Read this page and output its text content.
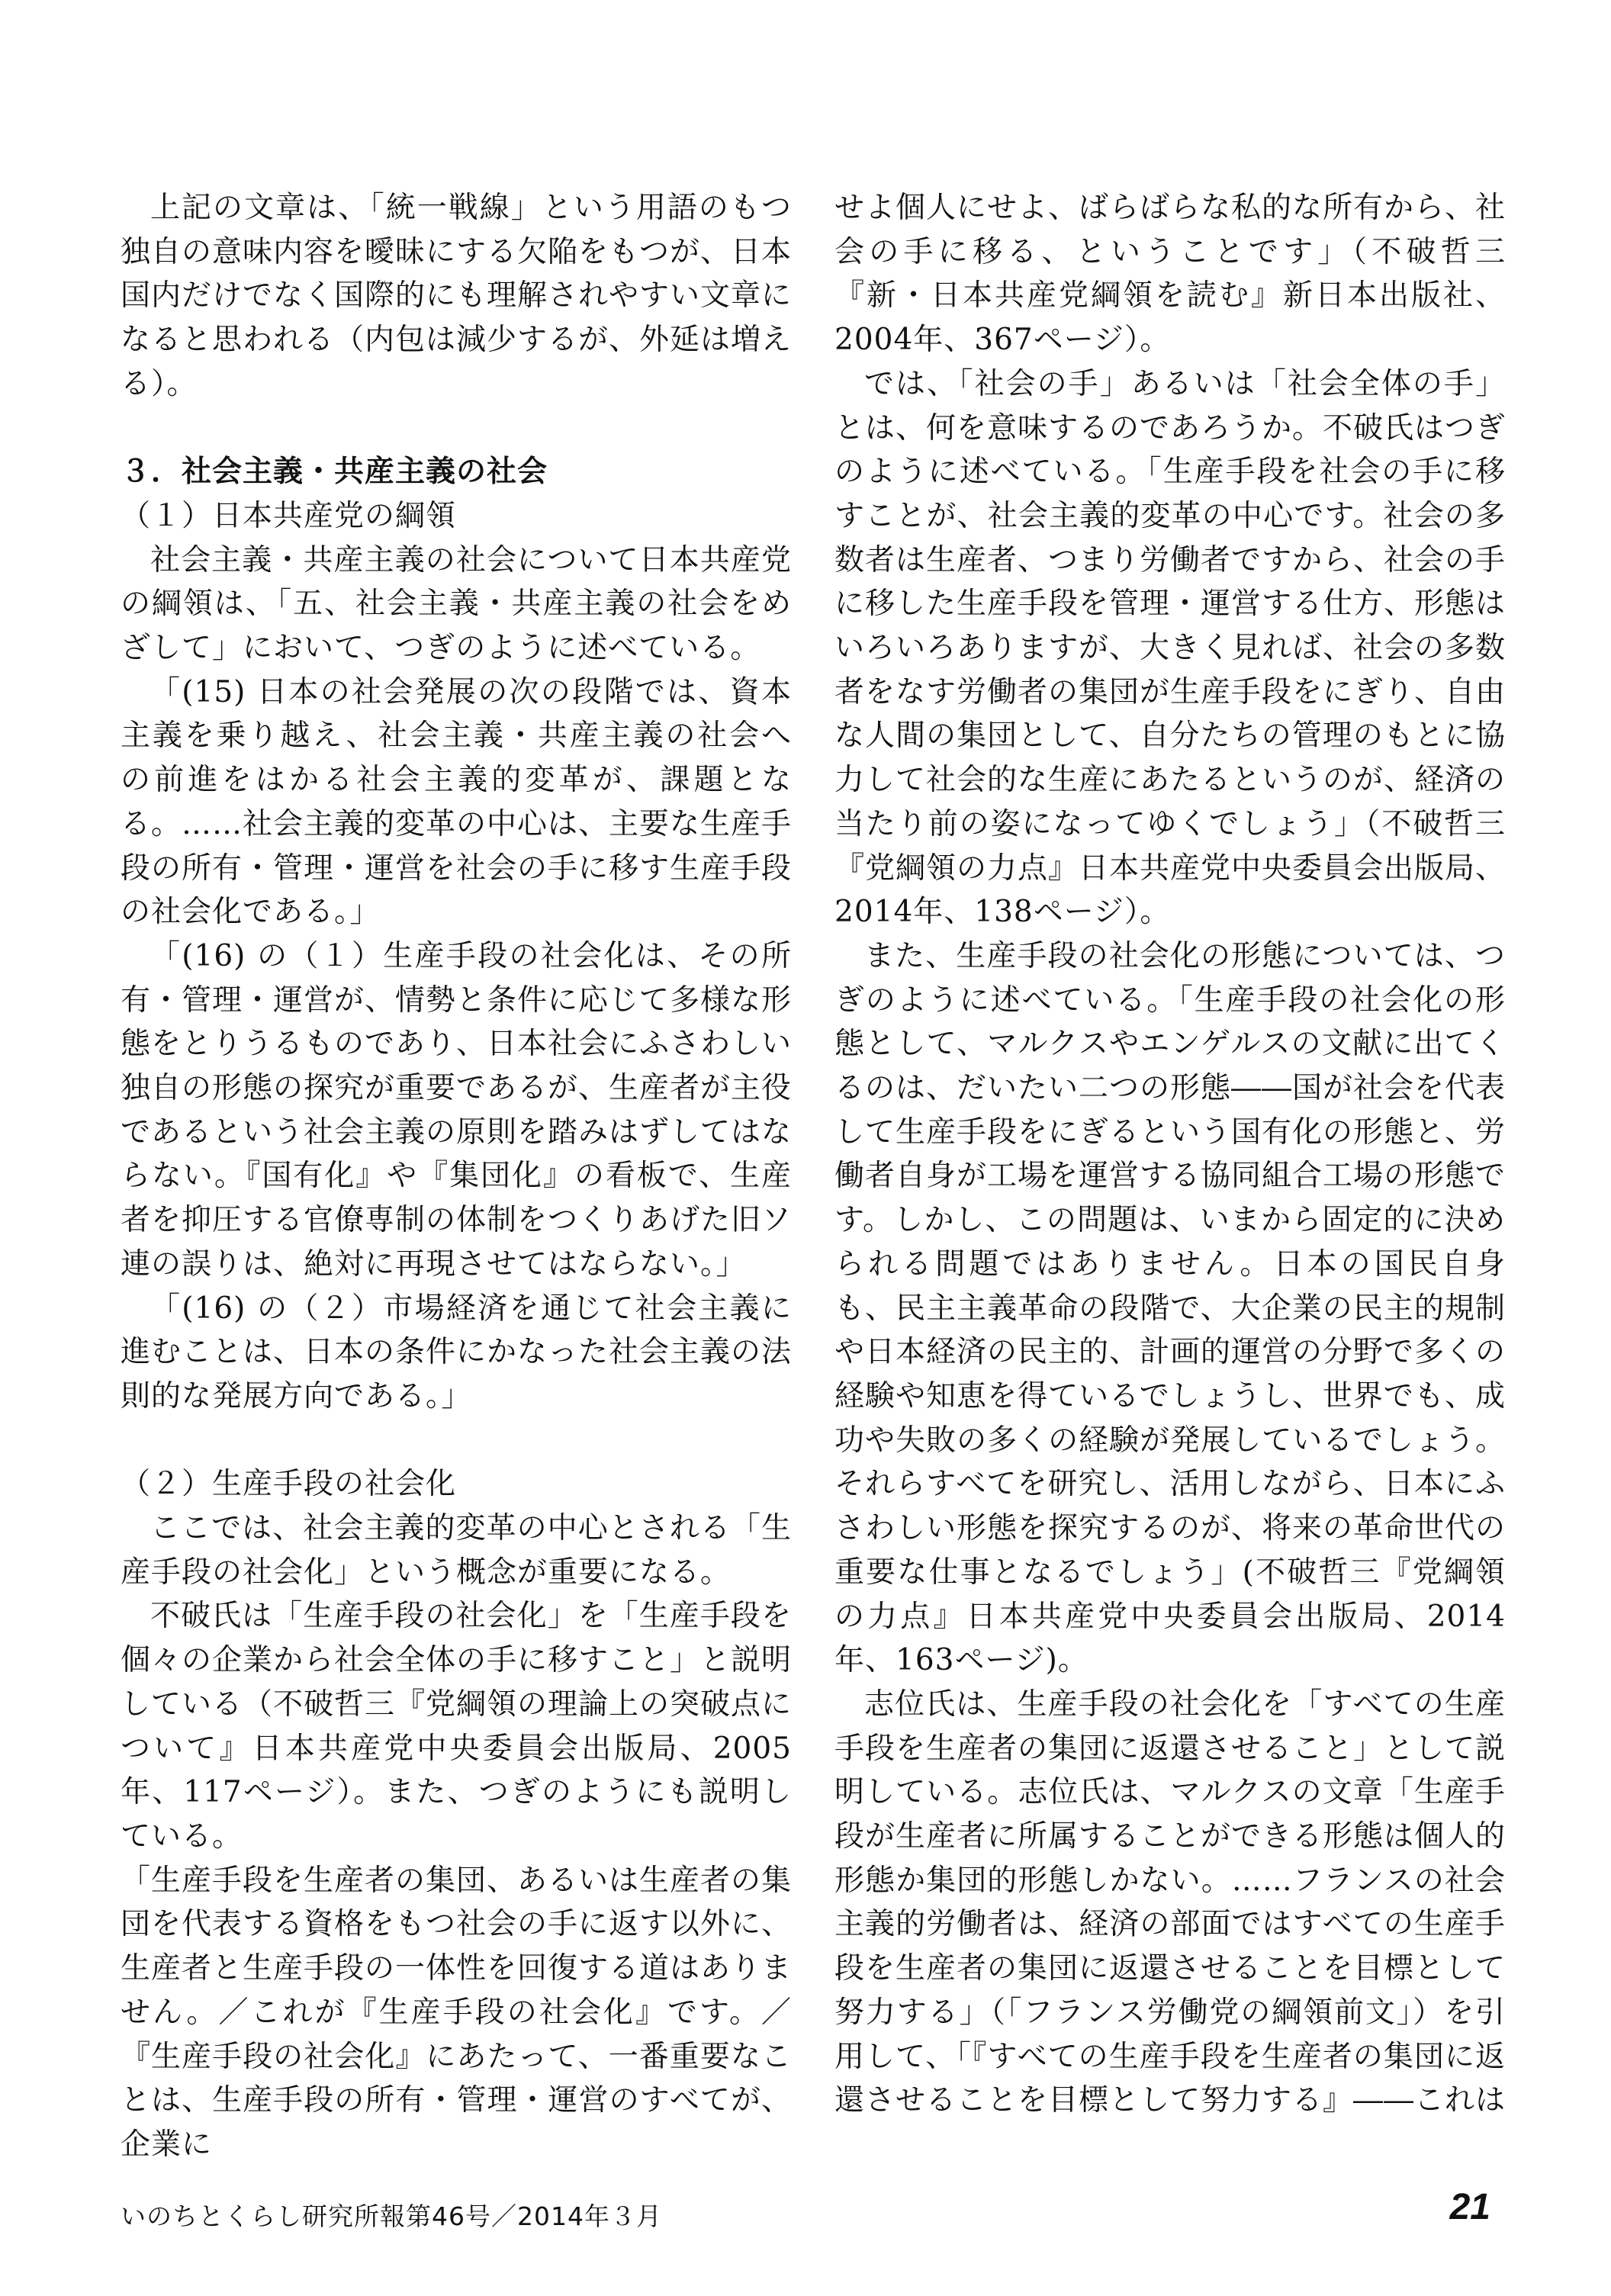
上記の文章は、「統一戦線」という用語のもつ独自の意味内容を曖昧にする欠陥をもつが、日本国内だけでなく国際的にも理解されやすい文章になると思われる（内包は減少するが、外延は増える）。

３．社会主義・共産主義の社会
（１）日本共産党の綱領

社会主義・共産主義の社会について日本共産党の綱領は、「五、社会主義・共産主義の社会をめざして」において、つぎのように述べている。

「(15) 日本の社会発展の次の段階では、資本主義を乗り越え、社会主義・共産主義の社会への前進をはかる社会主義的変革が、課題となる。……社会主義的変革の中心は、主要な生産手段の所有・管理・運営を社会の手に移す生産手段の社会化である。」

「(16) の（１）生産手段の社会化は、その所有・管理・運営が、情勢と条件に応じて多様な形態をとりうるものであり、日本社会にふさわしい独自の形態の探究が重要であるが、生産者が主役であるという社会主義の原則を踏みはずしてはならない。『国有化』や『集団化』の看板で、生産者を抑圧する官僚専制の体制をつくりあげた旧ソ連の誤りは、絶対に再現させてはならない。」

「(16) の（２）市場経済を通じて社会主義に進むことは、日本の条件にかなった社会主義の法則的な発展方向である。」

（２）生産手段の社会化

ここでは、社会主義的変革の中心とされる「生産手段の社会化」という概念が重要になる。

不破氏は「生産手段の社会化」を「生産手段を個々の企業から社会全体の手に移すこと」と説明している（不破哲三『党綱領の理論上の突破点について』日本共産党中央委員会出版局、2005年、117ページ）。また、つぎのようにも説明している。

「生産手段を生産者の集団、あるいは生産者の集団を代表する資格をもつ社会の手に返す以外に、生産者と生産手段の一体性を回復する道はありません。／これが『生産手段の社会化』です。／『生産手段の社会化』にあたって、一番重要なことは、生産手段の所有・管理・運営のすべてが、企業に

せよ個人にせよ、ばらばらな私的な所有から、社会の手に移る、ということです」（不破哲三『新・日本共産党綱領を読む』新日本出版社、2004年、367ページ）。

では、「社会の手」あるいは「社会全体の手」とは、何を意味するのであろうか。不破氏はつぎのように述べている。「生産手段を社会の手に移すことが、社会主義的変革の中心です。社会の多数者は生産者、つまり労働者ですから、社会の手に移した生産手段を管理・運営する仕方、形態はいろいろありますが、大きく見れば、社会の多数者をなす労働者の集団が生産手段をにぎり、自由な人間の集団として、自分たちの管理のもとに協力して社会的な生産にあたるというのが、経済の当たり前の姿になってゆくでしょう」（不破哲三『党綱領の力点』日本共産党中央委員会出版局、2014年、138ページ）。

また、生産手段の社会化の形態については、つぎのように述べている。「生産手段の社会化の形態として、マルクスやエンゲルスの文献に出てくるのは、だいたい二つの形態――国が社会を代表して生産手段をにぎるという国有化の形態と、労働者自身が工場を運営する協同組合工場の形態です。しかし、この問題は、いまから固定的に決められる問題ではありません。日本の国民自身も、民主主義革命の段階で、大企業の民主的規制や日本経済の民主的、計画的運営の分野で多くの経験や知恵を得ているでしょうし、世界でも、成功や失敗の多くの経験が発展しているでしょう。それらすべてを研究し、活用しながら、日本にふさわしい形態を探究するのが、将来の革命世代の重要な仕事となるでしょう」(不破哲三『党綱領の力点』日本共産党中央委員会出版局、2014年、163ページ)。

志位氏は、生産手段の社会化を「すべての生産手段を生産者の集団に返還させること」として説明している。志位氏は、マルクスの文章「生産手段が生産者に所属することができる形態は個人的形態か集団的形態しかない。……フランスの社会主義的労働者は、経済の部面ではすべての生産手段を生産者の集団に返還させることを目標として努力する」（「フランス労働党の綱領前文」）を引用して、「『すべての生産手段を生産者の集団に返還させることを目標として努力する』――これは

いのちとくらし研究所報第46号／2014年３月	21
